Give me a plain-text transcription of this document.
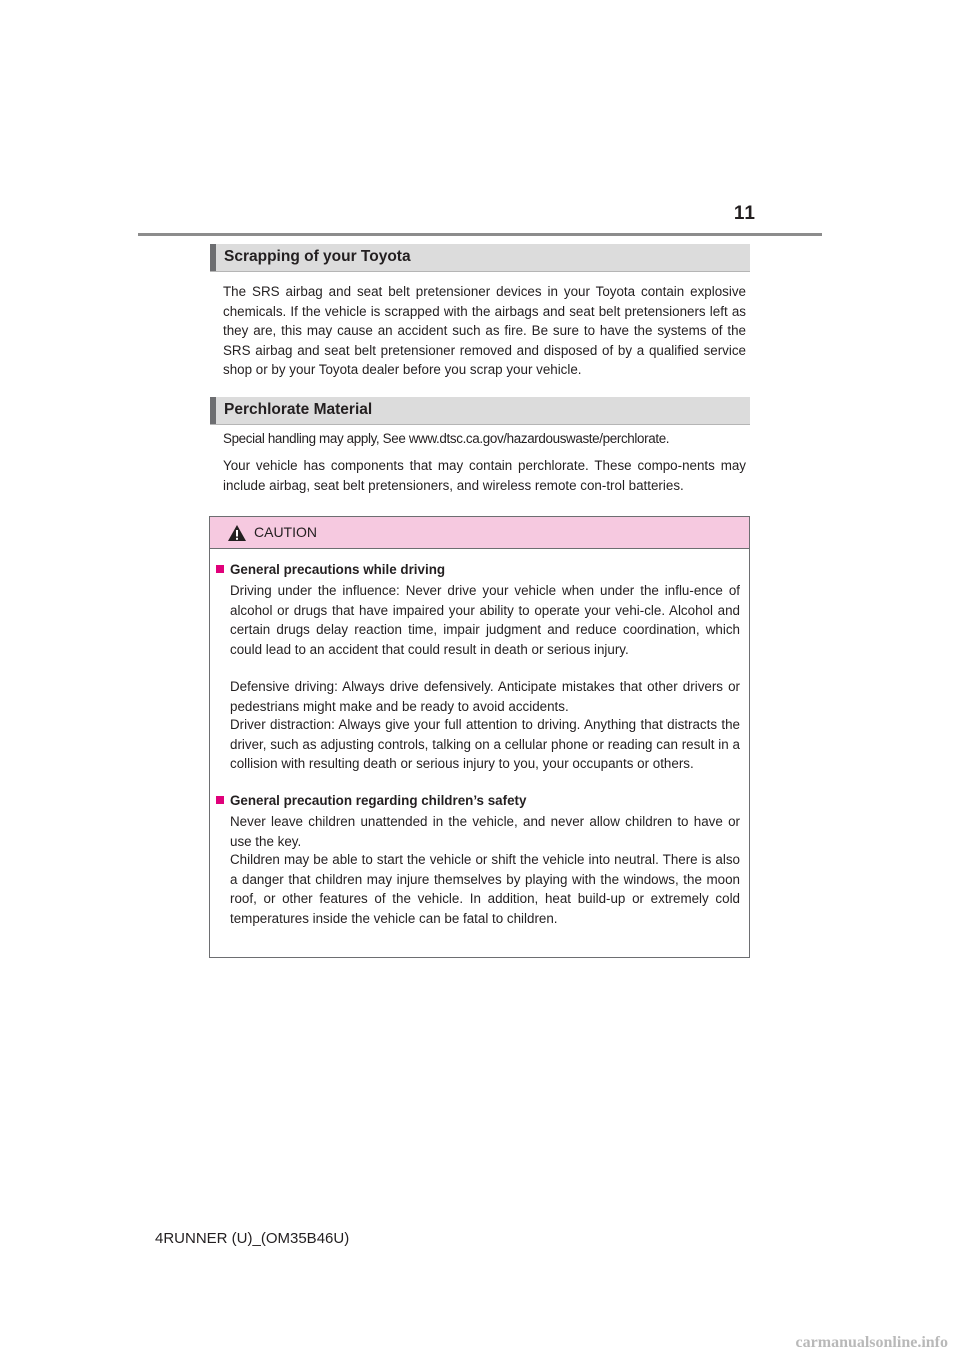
11
Scrapping of your Toyota

The SRS airbag and seat belt pretensioner devices in your Toyota contain explosive chemicals. If the vehicle is scrapped with the airbags and seat belt pretensioners left as they are, this may cause an accident such as fire. Be sure to have the systems of the SRS airbag and seat belt pretensioner removed and disposed of by a qualified service shop or by your Toyota dealer before you scrap your vehicle.

Perchlorate Material

Special handling may apply, See www.dtsc.ca.gov/hazardouswaste/perchlorate.

Your vehicle has components that may contain perchlorate. These compo-nents may include airbag, seat belt pretensioners, and wireless remote con-trol batteries.

CAUTION
General precautions while driving

Driving under the influence: Never drive your vehicle when under the influ-ence of alcohol or drugs that have impaired your ability to operate your vehi-cle. Alcohol and certain drugs delay reaction time, impair judgment and reduce coordination, which could lead to an accident that could result in death or serious injury.

Defensive driving: Always drive defensively. Anticipate mistakes that other drivers or pedestrians might make and be ready to avoid accidents.

Driver distraction: Always give your full attention to driving. Anything that distracts the driver, such as adjusting controls, talking on a cellular phone or reading can result in a collision with resulting death or serious injury to you, your occupants or others.

General precaution regarding children’s safety

Never leave children unattended in the vehicle, and never allow children to have or use the key.

Children may be able to start the vehicle or shift the vehicle into neutral. There is also a danger that children may injure themselves by playing with the windows, the moon roof, or other features of the vehicle. In addition, heat build-up or extremely cold temperatures inside the vehicle can be fatal to children.

4RUNNER (U)_(OM35B46U)
carmanualsonline.info
